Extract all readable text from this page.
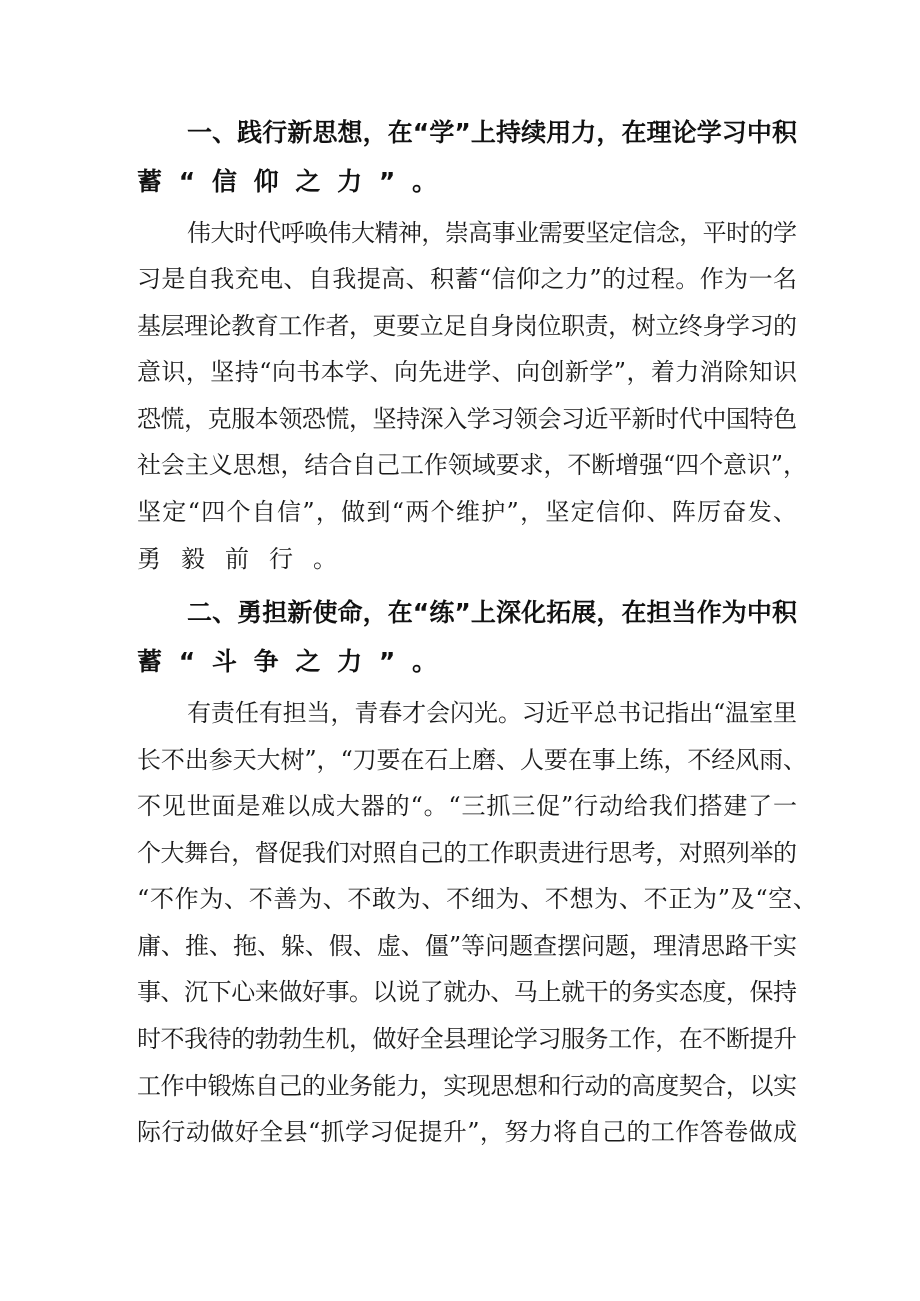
一、践行新思想，在“学”上持续用力，在理论学习中积
蓄“信仰之力”。
伟大时代呼唤伟大精神，崇高事业需要坚定信念，平时的学
习是自我充电、自我提高、积蓄“信仰之力”的过程。作为一名
基层理论教育工作者，更要立足自身岗位职责，树立终身学习的
意识，坚持“向书本学、向先进学、向创新学”，着力消除知识
恐慌，克服本领恐慌，坚持深入学习领会习近平新时代中国特色
社会主义思想，结合自己工作领域要求，不断增强“四个意识”，
坚定“四个自信”，做到“两个维护”，坚定信仰、阵厉奋发、
勇毅前行。
二、勇担新使命，在“练”上深化拓展，在担当作为中积
蓄“斗争之力”。
有责任有担当，青春才会闪光。习近平总书记指出“温室里
长不出参天大树”，“刀要在石上磨、人要在事上练，不经风雨、
不见世面是难以成大器的“。“三抓三促”行动给我们搭建了一
个大舞台，督促我们对照自己的工作职责进行思考，对照列举的
“不作为、不善为、不敢为、不细为、不想为、不正为”及“空、
庸、推、拖、躲、假、虚、僵”等问题查摆问题，理清思路干实
事、沉下心来做好事。以说了就办、马上就干的务实态度，保持
时不我待的勃勃生机，做好全县理论学习服务工作，在不断提升
工作中锻炼自己的业务能力，实现思想和行动的高度契合，以实
际行动做好全县“抓学习促提升”，努力将自己的工作答卷做成
